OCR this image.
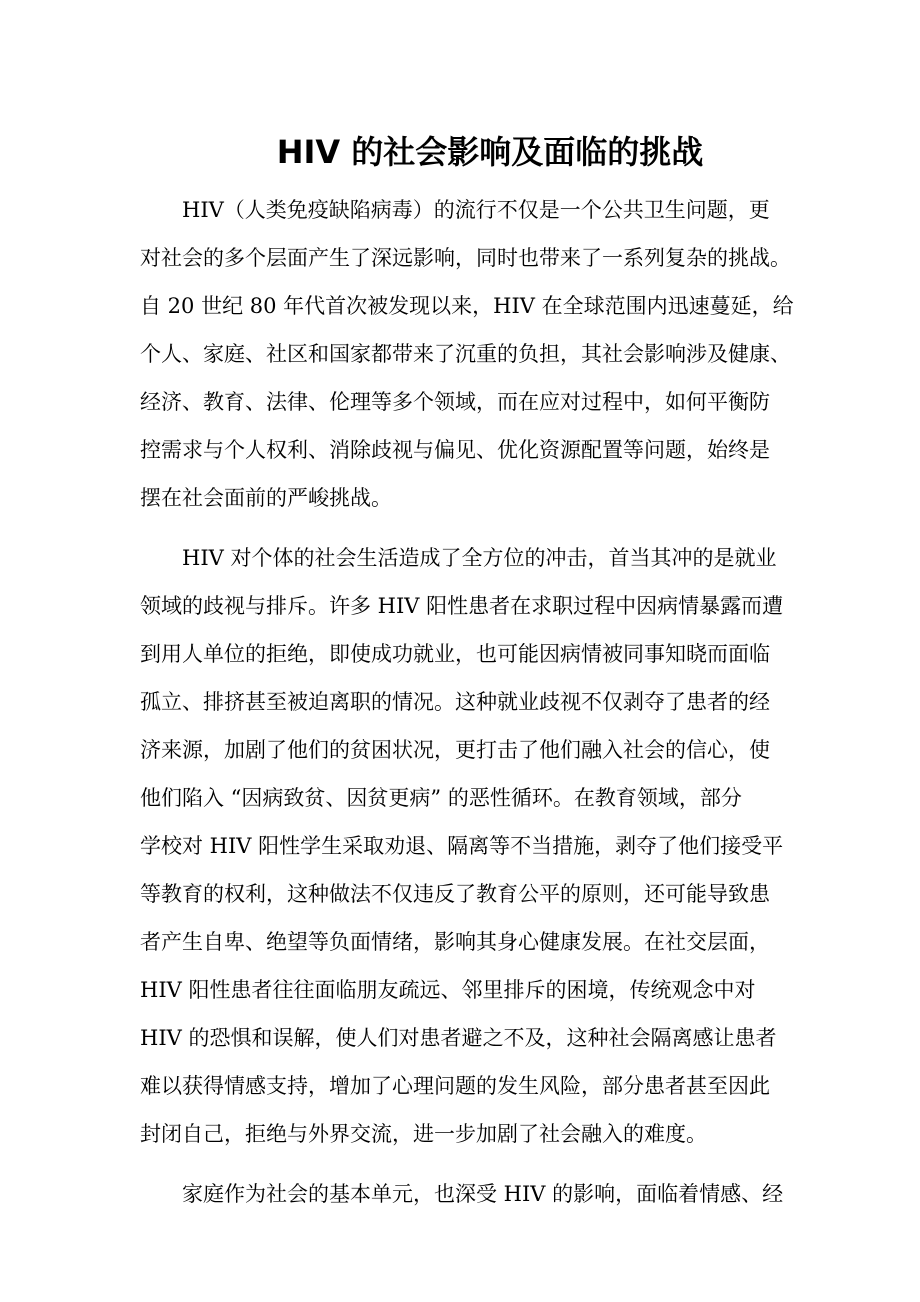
HIV 的社会影响及面临的挑战

HIV（人类免疫缺陷病毒）的流行不仅是一个公共卫生问题，更
对社会的多个层面产生了深远影响，同时也带来了一系列复杂的挑战。
自 20 世纪 80 年代首次被发现以来，HIV 在全球范围内迅速蔓延，给
个人、家庭、社区和国家都带来了沉重的负担，其社会影响涉及健康、
经济、教育、法律、伦理等多个领域，而在应对过程中，如何平衡防
控需求与个人权利、消除歧视与偏见、优化资源配置等问题，始终是
摆在社会面前的严峻挑战。

HIV 对个体的社会生活造成了全方位的冲击，首当其冲的是就业
领域的歧视与排斥。许多 HIV 阳性患者在求职过程中因病情暴露而遭
到用人单位的拒绝，即使成功就业，也可能因病情被同事知晓而面临
孤立、排挤甚至被迫离职的情况。这种就业歧视不仅剥夺了患者的经
济来源，加剧了他们的贫困状况，更打击了他们融入社会的信心，使
他们陷入 “因病致贫、因贫更病” 的恶性循环。在教育领域，部分
学校对 HIV 阳性学生采取劝退、隔离等不当措施，剥夺了他们接受平
等教育的权利，这种做法不仅违反了教育公平的原则，还可能导致患
者产生自卑、绝望等负面情绪，影响其身心健康发展。在社交层面，
HIV 阳性患者往往面临朋友疏远、邻里排斥的困境，传统观念中对
HIV 的恐惧和误解，使人们对患者避之不及，这种社会隔离感让患者
难以获得情感支持，增加了心理问题的发生风险，部分患者甚至因此
封闭自己，拒绝与外界交流，进一步加剧了社会融入的难度。

家庭作为社会的基本单元，也深受 HIV 的影响，面临着情感、经
